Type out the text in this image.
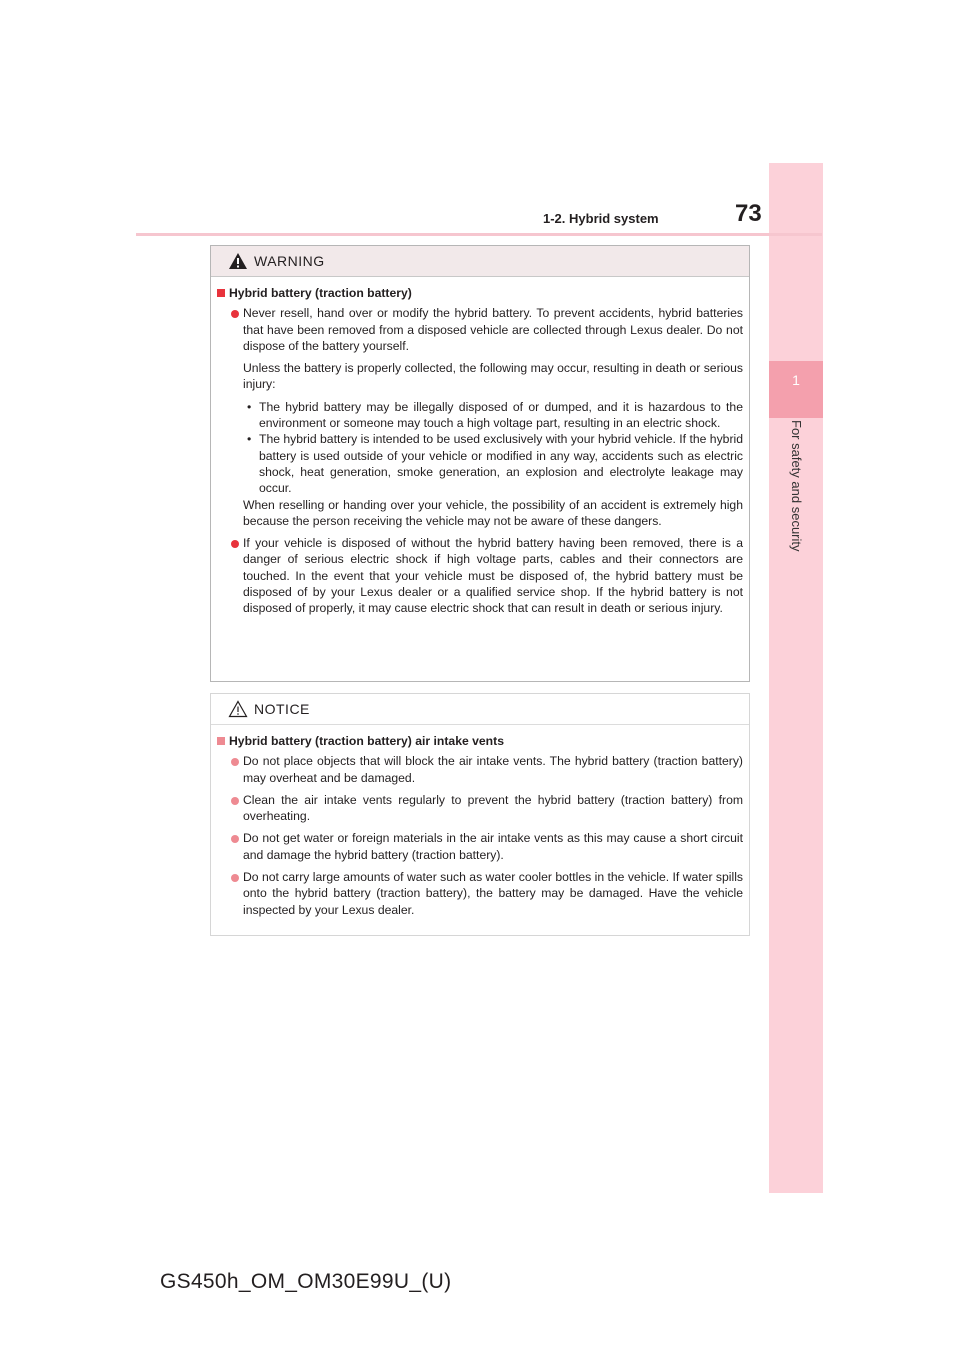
1
For safety and security
1-2. Hybrid system	73
WARNING
Hybrid battery (traction battery)
Never resell, hand over or modify the hybrid battery. To prevent accidents, hybrid batteries that have been removed from a disposed vehicle are collected through Lexus dealer. Do not dispose of the battery yourself.
Unless the battery is properly collected, the following may occur, resulting in death or serious injury:
• The hybrid battery may be illegally disposed of or dumped, and it is hazardous to the environment or someone may touch a high voltage part, resulting in an electric shock.
• The hybrid battery is intended to be used exclusively with your hybrid vehicle. If the hybrid battery is used outside of your vehicle or modified in any way, accidents such as electric shock, heat generation, smoke generation, an explosion and electrolyte leakage may occur.
When reselling or handing over your vehicle, the possibility of an accident is extremely high because the person receiving the vehicle may not be aware of these dangers.
If your vehicle is disposed of without the hybrid battery having been removed, there is a danger of serious electric shock if high voltage parts, cables and their connectors are touched. In the event that your vehicle must be disposed of, the hybrid battery must be disposed of by your Lexus dealer or a qualified service shop. If the hybrid battery is not disposed of properly, it may cause electric shock that can result in death or serious injury.
NOTICE
Hybrid battery (traction battery) air intake vents
Do not place objects that will block the air intake vents. The hybrid battery (traction battery) may overheat and be damaged.
Clean the air intake vents regularly to prevent the hybrid battery (traction battery) from overheating.
Do not get water or foreign materials in the air intake vents as this may cause a short circuit and damage the hybrid battery (traction battery).
Do not carry large amounts of water such as water cooler bottles in the vehicle. If water spills onto the hybrid battery (traction battery), the battery may be damaged. Have the vehicle inspected by your Lexus dealer.
GS450h_OM_OM30E99U_(U)
